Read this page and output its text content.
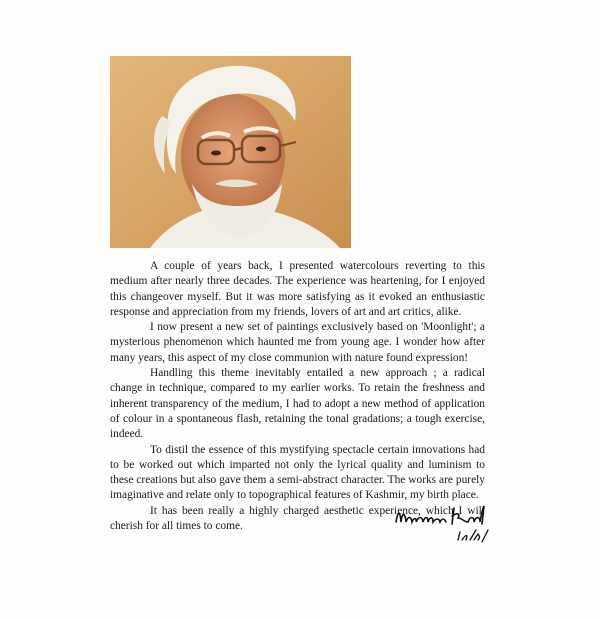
A couple of years back, I presented watercolours reverting to this medium after nearly three decades. The experience was heartening, for I enjoyed this changeover myself. But it was more satisfying as it evoked an enthusiastic response and appreciation from my friends, lovers of art and art critics, alike.

I now present a new set of paintings exclusively based on 'Moonlight'; a mysterious phenomenon which haunted me from young age. I wonder how after many years, this aspect of my close communion with nature found expression!

Handling this theme inevitably entailed a new approach ; a radical change in technique, compared to my earlier works. To retain the freshness and inherent transparency of the medium, I had to adopt a new method of application of colour in a spontaneous flash, retaining the tonal gradations; a tough exercise, indeed.

To distil the essence of this mystifying spectacle certain innovations had to be worked out which imparted not only the lyrical quality and luminism to these creations but also gave them a semi-abstract character. The works are purely imaginative and relate only to topographical features of Kashmir, my birth place.

It has been really a highly charged aesthetic experience, which I will cherish for all times to come.
